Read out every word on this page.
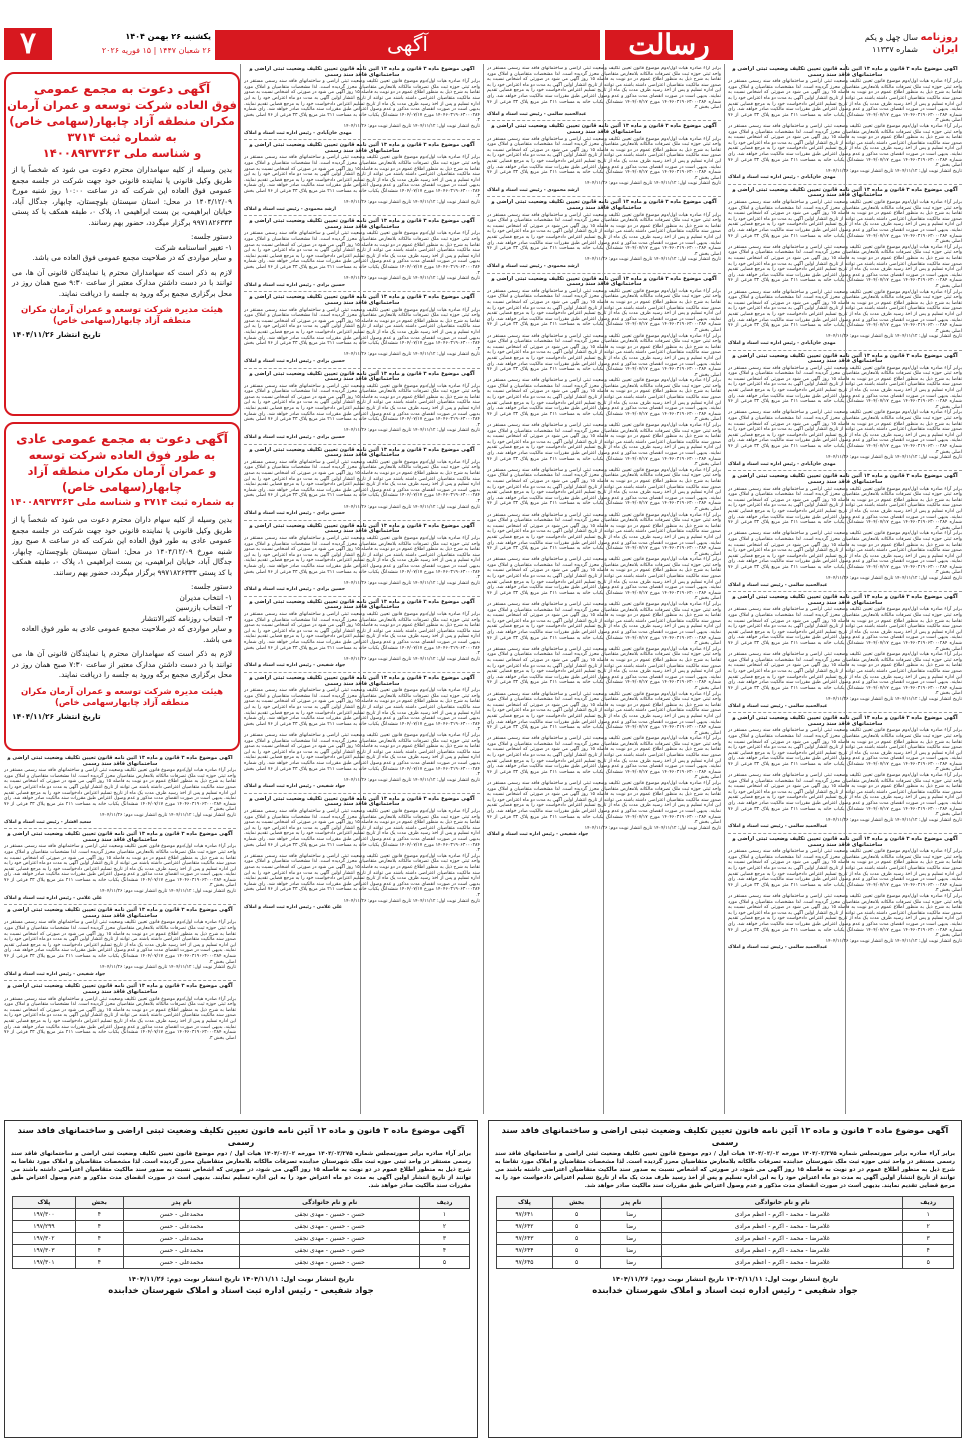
۷	یکشنبه ۲۶ بهمن ۱۴۰۴
۲۶ شعبان ۱۴۴۷ | ۱۵ فوریه ۲۰۲۶	آگهی	رسالت	روزنامه
ایران
سال چهل و یکم
شماره ۱۱۳۳۷
آگهی دعوت به مجمع عمومی
فوق العاده شرکت توسعه و عمران آرمان
مکران منطقه آزاد چابهار(سهامی خاص)
به شماره ثبت ۳۷۱۴
و شناسه ملی ۱۴۰۰۸۹۳۷۳۶۳
بدین وسیله از کلیه سهامداران محترم دعوت می شود که شخصاً یا از طریق وکیل قانونی یا نماینده قانونی خود جهت شرکت در جلسه مجمع عمومی فوق العاده این شرکت که در ساعت ۱۰:۰۰ روز شنبه مورخ ۱۴۰۴/۱۲/۰۹ در محل: استان سیستان بلوچستان، چابهار، جدگال آباد، خیابان ابراهیمی، بن بست ابراهیمی ۱، پلاک ۰، طبقه همکف با کد پستی ۹۹۷۱۸۲۶۳۳۳ برگزار میگردد، حضور بهم رسانند.
دستور جلسه:
۱- تغییر اساسنامه شرکت
و سایر مواردی که در صلاحیت مجمع عمومی فوق العاده می باشد.
لازم به ذکر است که سهامداران محترم یا نمایندگان قانونی آن ها، می توانند با در دست داشتن مدارک معتبر از ساعت ۹:۳۰ صبح همان روز در محل برگزاری مجمع برگه ورود به جلسه را دریافت نمایند.
هیئت مدیره شرکت توسعه و عمران آرمان مکران منطقه آزاد چابهار(سهامی خاص)
تاریخ انتشار ۱۴۰۴/۱۱/۲۶
آگهی دعوت به مجمع عمومی عادی
به طور فوق العاده شرکت توسعه
و عمران آرمان مکران منطقه آزاد
چابهار(سهامی خاص)
به شماره ثبت ۳۷۱۴ و شناسه ملی ۱۴۰۰۸۹۳۷۳۶۳
بدین وسیله از کلیه سهام داران محترم دعوت می شود که شخصاً یا از طریق وکیل قانونی یا نماینده قانونی خود جهت شرکت در جلسه مجمع عمومی عادی به طور فوق العاده این شرکت که در ساعت ۸ صبح روز شنبه مورخ ۱۴۰۴/۱۲/۰۹ در محل: استان سیستان بلوچستان، چابهار، جدگال آباد، خیابان ابراهیمی، بن بست ابراهیمی ۱، پلاک ۰، طبقه همکف با کد پستی ۹۹۷۱۸۲۶۳۳۳ برگزار میگردد، حضور بهم رسانند.
دستور جلسه:
۱- انتخاب مدیران
۲- انتخاب بازرسین
۳- انتخاب روزنامه کثیرالانتشار
و سایر مواردی که در صلاحیت مجمع عمومی عادی به طور فوق العاده می باشد.
لازم به ذکر است که سهامداران محترم یا نمایندگان قانونی آن ها، می توانند با در دست داشتن مدارک معتبر از ساعت ۷:۳۰ صبح همان روز در محل برگزاری مجمع برگه ورود به جلسه را دریافت نمایند.
هیئت مدیره شرکت توسعه و عمران آرمان مکران منطقه آزاد چابهارسهامی خاص)
تاریخ انتشار ۱۴۰۴/۱۱/۲۶
آگهی موضوع ماده ۳ قانون و ماده ۱۳ آئین نامه قانون تعیین تکلیف وضعیت ثبتی اراضی و ساختمانهای فاقد سند رسمی
برابر آراء صادره هیات اول/دوم موضوع قانون تعیین تکلیف وضعیت ثبتی اراضی و ساختمانهای فاقد سند رسمی مستقر در واحد ثبتی حوزه ثبت ملک تصرفات مالکانه بلامعارض متقاضیان محرز گردیده است. لذا مشخصات متقاضیان و املاک مورد تقاضا به شرح ذیل به منظور اطلاع عموم در دو نوبت به فاصله ۱۵ روز آگهی می شود در صورتی که اشخاص نسبت به صدور سند مالکیت متقاضیان اعتراضی داشته باشند می توانند از تاریخ انتشار اولین آگهی به مدت دو ماه اعتراض خود را به این اداره تسلیم و پس از اخذ رسید ظرف مدت یک ماه از تاریخ تسلیم اعتراض دادخواست خود را به مرجع قضایی تقدیم نمایند. بدیهی است در صورت انقضای مدت مذکور و عدم وصول اعتراض طبق مقررات سند مالکیت صادر خواهد شد. رای شماره ۱۴۰۴۶۰۳۱۹۰۶۳۰۰۰۲۸۴ مورخ ۱۴۰۴/۰۷/۱۷ ششدانگ یکباب خانه به مساحت ۲۱۱ متر مربع پلاک ۳۳ فرعی از ۷۶ اصلی بخش ۳.
تاریخ انتشار نوبت اول: ۱۴۰۴/۱۱/۱۲ تاریخ انتشار نوبت دوم: ۱۴۰۴/۱۱/۲۶
سعید افشار - رئیس ثبت اسناد و املاک
آگهی موضوع ماده ۳ قانون و ماده ۱۳ آئین نامه قانون تعیین تکلیف وضعیت ثبتی اراضی و ساختمانهای فاقد سند رسمی
برابر آراء صادره هیات اول/دوم موضوع قانون تعیین تکلیف وضعیت ثبتی اراضی و ساختمانهای فاقد سند رسمی مستقر در واحد ثبتی حوزه ثبت ملک تصرفات مالکانه بلامعارض متقاضیان محرز گردیده است. لذا مشخصات متقاضیان و املاک مورد تقاضا به شرح ذیل به منظور اطلاع عموم در دو نوبت به فاصله ۱۵ روز آگهی می شود در صورتی که اشخاص نسبت به صدور سند مالکیت متقاضیان اعتراضی داشته باشند می توانند از تاریخ انتشار اولین آگهی به مدت دو ماه اعتراض خود را به این اداره تسلیم و پس از اخذ رسید ظرف مدت یک ماه از تاریخ تسلیم اعتراض دادخواست خود را به مرجع قضایی تقدیم نمایند. بدیهی است در صورت انقضای مدت مذکور و عدم وصول اعتراض طبق مقررات سند مالکیت صادر خواهد شد. رای شماره ۱۴۰۴۶۰۳۱۹۰۶۳۰۰۰۲۸۴ مورخ ۱۴۰۴/۰۷/۱۷ ششدانگ یکباب خانه به مساحت ۲۱۱ متر مربع پلاک ۳۳ فرعی از ۷۶ اصلی بخش ۳.
تاریخ انتشار نوبت اول: ۱۴۰۴/۱۱/۱۲ تاریخ انتشار نوبت دوم: ۱۴۰۴/۱۱/۲۶
علی غلامی - رئیس اداره ثبت اسناد و املاک
آگهی موضوع ماده ۳ قانون و ماده ۱۳ آئین نامه قانون تعیین تکلیف وضعیت ثبتی اراضی و ساختمانهای فاقد سند رسمی
برابر آراء صادره هیات اول/دوم موضوع قانون تعیین تکلیف وضعیت ثبتی اراضی و ساختمانهای فاقد سند رسمی مستقر در واحد ثبتی حوزه ثبت ملک تصرفات مالکانه بلامعارض متقاضیان محرز گردیده است. لذا مشخصات متقاضیان و املاک مورد تقاضا به شرح ذیل به منظور اطلاع عموم در دو نوبت به فاصله ۱۵ روز آگهی می شود در صورتی که اشخاص نسبت به صدور سند مالکیت متقاضیان اعتراضی داشته باشند می توانند از تاریخ انتشار اولین آگهی به مدت دو ماه اعتراض خود را به این اداره تسلیم و پس از اخذ رسید ظرف مدت یک ماه از تاریخ تسلیم اعتراض دادخواست خود را به مرجع قضایی تقدیم نمایند. بدیهی است در صورت انقضای مدت مذکور و عدم وصول اعتراض طبق مقررات سند مالکیت صادر خواهد شد. رای شماره ۱۴۰۴۶۰۳۱۹۰۶۳۰۰۰۲۸۴ مورخ ۱۴۰۴/۰۷/۱۷ ششدانگ یکباب خانه به مساحت ۲۱۱ متر مربع پلاک ۳۳ فرعی از ۷۶ اصلی بخش ۳.
تاریخ انتشار نوبت اول: ۱۴۰۴/۱۱/۱۲ تاریخ انتشار نوبت دوم: ۱۴۰۴/۱۱/۲۶
جواد شفیعی - رئیس اداره ثبت اسناد و املاک
آگهی موضوع ماده ۳ قانون و ماده ۱۳ آئین نامه قانون تعیین تکلیف وضعیت ثبتی اراضی و ساختمانهای فاقد سند رسمی
برابر آراء صادره هیات اول/دوم موضوع قانون تعیین تکلیف وضعیت ثبتی اراضی و ساختمانهای فاقد سند رسمی مستقر در واحد ثبتی حوزه ثبت ملک تصرفات مالکانه بلامعارض متقاضیان محرز گردیده است. لذا مشخصات متقاضیان و املاک مورد تقاضا به شرح ذیل به منظور اطلاع عموم در دو نوبت به فاصله ۱۵ روز آگهی می شود در صورتی که اشخاص نسبت به صدور سند مالکیت متقاضیان اعتراضی داشته باشند می توانند از تاریخ انتشار اولین آگهی به مدت دو ماه اعتراض خود را به این اداره تسلیم و پس از اخذ رسید ظرف مدت یک ماه از تاریخ تسلیم اعتراض دادخواست خود را به مرجع قضایی تقدیم نمایند. بدیهی است در صورت انقضای مدت مذکور و عدم وصول اعتراض طبق مقررات سند مالکیت صادر خواهد شد. رای شماره ۱۴۰۴۶۰۳۱۹۰۶۳۰۰۰۲۸۴ مورخ ۱۴۰۴/۰۷/۱۷ ششدانگ یکباب خانه به مساحت ۲۱۱ متر مربع پلاک ۳۳ فرعی از ۷۶ اصلی بخش ۳.
آگهی موضوع ماده ۳ قانون و ماده ۱۳ آئین نامه قانون تعیین تکلیف وضعیت ثبتی اراضی و ساختمانهای فاقد سند رسمی
برابر آراء صادره هیات اول/دوم موضوع قانون تعیین تکلیف وضعیت ثبتی اراضی و ساختمانهای فاقد سند رسمی مستقر در واحد ثبتی حوزه ثبت ملک تصرفات مالکانه بلامعارض متقاضیان محرز گردیده است. لذا مشخصات متقاضیان و املاک مورد تقاضا به شرح ذیل به منظور اطلاع عموم در دو نوبت به فاصله ۱۵ روز آگهی می شود در صورتی که اشخاص نسبت به صدور سند مالکیت متقاضیان اعتراضی داشته باشند می توانند از تاریخ انتشار اولین آگهی به مدت دو ماه اعتراض خود را به این اداره تسلیم و پس از اخذ رسید ظرف مدت یک ماه از تاریخ تسلیم اعتراض دادخواست خود را به مرجع قضایی تقدیم نمایند. بدیهی است در صورت انقضای مدت مذکور و عدم وصول اعتراض طبق مقررات سند مالکیت صادر خواهد شد. رای شماره ۱۴۰۴۶۰۳۱۹۰۶۳۰۰۰۲۸۴ مورخ ۱۴۰۴/۰۷/۱۷ ششدانگ یکباب خانه به مساحت ۲۱۱ متر مربع پلاک ۳۳ فرعی از ۷۶ اصلی بخش ۳.
تاریخ انتشار نوبت اول: ۱۴۰۴/۱۱/۱۲ تاریخ انتشار نوبت دوم: ۱۴۰۴/۱۱/۲۶
مهدی خان‌آبادی - رئیس اداره ثبت اسناد و املاک
آگهی موضوع ماده ۳ قانون و ماده ۱۳ آئین نامه قانون تعیین تکلیف وضعیت ثبتی اراضی و ساختمانهای فاقد سند رسمی
برابر آراء صادره هیات اول/دوم موضوع قانون تعیین تکلیف وضعیت ثبتی اراضی و ساختمانهای فاقد سند رسمی مستقر در واحد ثبتی حوزه ثبت ملک تصرفات مالکانه بلامعارض متقاضیان محرز گردیده است. لذا مشخصات متقاضیان و املاک مورد تقاضا به شرح ذیل به منظور اطلاع عموم در دو نوبت به فاصله ۱۵ روز آگهی می شود در صورتی که اشخاص نسبت به صدور سند مالکیت متقاضیان اعتراضی داشته باشند می توانند از تاریخ انتشار اولین آگهی به مدت دو ماه اعتراض خود را به این اداره تسلیم و پس از اخذ رسید ظرف مدت یک ماه از تاریخ تسلیم اعتراض دادخواست خود را به مرجع قضایی تقدیم نمایند. بدیهی است در صورت انقضای مدت مذکور و عدم وصول اعتراض طبق مقررات سند مالکیت صادر خواهد شد. رای شماره ۱۴۰۴۶۰۳۱۹۰۶۳۰۰۰۲۸۴ مورخ ۱۴۰۴/۰۷/۱۷ ششدانگ یکباب خانه به مساحت ۲۱۱ متر مربع پلاک ۳۳ فرعی از ۷۶ اصلی بخش ۳.
تاریخ انتشار نوبت اول: ۱۴۰۴/۱۱/۱۲ تاریخ انتشار نوبت دوم: ۱۴۰۴/۱۱/۲۶
ارشد محمودی - رئیس ثبت اسناد و املاک
آگهی موضوع ماده ۳ قانون و ماده ۱۳ آئین نامه قانون تعیین تکلیف وضعیت ثبتی اراضی و ساختمانهای فاقد سند رسمی
برابر آراء صادره هیات اول/دوم موضوع قانون تعیین تکلیف وضعیت ثبتی اراضی و ساختمانهای فاقد سند رسمی مستقر در واحد ثبتی حوزه ثبت ملک تصرفات مالکانه بلامعارض متقاضیان محرز گردیده است. لذا مشخصات متقاضیان و املاک مورد تقاضا به شرح ذیل به منظور اطلاع عموم در دو نوبت به فاصله ۱۵ روز آگهی می شود در صورتی که اشخاص نسبت به صدور سند مالکیت متقاضیان اعتراضی داشته باشند می توانند از تاریخ انتشار اولین آگهی به مدت دو ماه اعتراض خود را به این اداره تسلیم و پس از اخذ رسید ظرف مدت یک ماه از تاریخ تسلیم اعتراض دادخواست خود را به مرجع قضایی تقدیم نمایند. بدیهی است در صورت انقضای مدت مذکور و عدم وصول اعتراض طبق مقررات سند مالکیت صادر خواهد شد. رای شماره ۱۴۰۴۶۰۳۱۹۰۶۳۰۰۰۲۸۴ مورخ ۱۴۰۴/۰۷/۱۷ ششدانگ یکباب خانه به مساحت ۲۱۱ متر مربع پلاک ۳۳ فرعی از ۷۶ اصلی بخش ۳.
تاریخ انتشار نوبت اول: ۱۴۰۴/۱۱/۱۲ تاریخ انتشار نوبت دوم: ۱۴۰۴/۱۱/۲۶
حسین برادی - رئیس اداره ثبت اسناد و املاک
آگهی موضوع ماده ۳ قانون و ماده ۱۳ آئین نامه قانون تعیین تکلیف وضعیت ثبتی اراضی و ساختمانهای فاقد سند رسمی
برابر آراء صادره هیات اول/دوم موضوع قانون تعیین تکلیف وضعیت ثبتی اراضی و ساختمانهای فاقد سند رسمی مستقر در واحد ثبتی حوزه ثبت ملک تصرفات مالکانه بلامعارض متقاضیان محرز گردیده است. لذا مشخصات متقاضیان و املاک مورد تقاضا به شرح ذیل به منظور اطلاع عموم در دو نوبت به فاصله ۱۵ روز آگهی می شود در صورتی که اشخاص نسبت به صدور سند مالکیت متقاضیان اعتراضی داشته باشند می توانند از تاریخ انتشار اولین آگهی به مدت دو ماه اعتراض خود را به این اداره تسلیم و پس از اخذ رسید ظرف مدت یک ماه از تاریخ تسلیم اعتراض دادخواست خود را به مرجع قضایی تقدیم نمایند. بدیهی است در صورت انقضای مدت مذکور و عدم وصول اعتراض طبق مقررات سند مالکیت صادر خواهد شد. رای شماره ۱۴۰۴۶۰۳۱۹۰۶۳۰۰۰۲۸۴ مورخ ۱۴۰۴/۰۷/۱۷ ششدانگ یکباب خانه به مساحت ۲۱۱ متر مربع پلاک ۳۳ فرعی از ۷۶ اصلی بخش ۳.
تاریخ انتشار نوبت اول: ۱۴۰۴/۱۱/۱۲ تاریخ انتشار نوبت دوم: ۱۴۰۴/۱۱/۲۶
حسین برادی - رئیس اداره ثبت اسناد و املاک
آگهی موضوع ماده ۳ قانون و ماده ۱۳ آئین نامه قانون تعیین تکلیف وضعیت ثبتی اراضی و ساختمانهای فاقد سند رسمی
برابر آراء صادره هیات اول/دوم موضوع قانون تعیین تکلیف وضعیت ثبتی اراضی و ساختمانهای فاقد سند رسمی مستقر در واحد ثبتی حوزه ثبت ملک تصرفات مالکانه بلامعارض متقاضیان محرز گردیده است. لذا مشخصات متقاضیان و املاک مورد تقاضا به شرح ذیل به منظور اطلاع عموم در دو نوبت به فاصله ۱۵ روز آگهی می شود در صورتی که اشخاص نسبت به صدور سند مالکیت متقاضیان اعتراضی داشته باشند می توانند از تاریخ انتشار اولین آگهی به مدت دو ماه اعتراض خود را به این اداره تسلیم و پس از اخذ رسید ظرف مدت یک ماه از تاریخ تسلیم اعتراض دادخواست خود را به مرجع قضایی تقدیم نمایند. بدیهی است در صورت انقضای مدت مذکور و عدم وصول اعتراض طبق مقررات سند مالکیت صادر خواهد شد. رای شماره ۱۴۰۴۶۰۳۱۹۰۶۳۰۰۰۲۸۴ مورخ ۱۴۰۴/۰۷/۱۷ ششدانگ یکباب خانه به مساحت ۲۱۱ متر مربع پلاک ۳۳ فرعی از ۷۶ اصلی بخش ۳.
تاریخ انتشار نوبت اول: ۱۴۰۴/۱۱/۱۲ تاریخ انتشار نوبت دوم: ۱۴۰۴/۱۱/۲۶
حسین برادی - رئیس اداره ثبت اسناد و املاک
آگهی موضوع ماده ۳ قانون و ماده ۱۳ آئین نامه قانون تعیین تکلیف وضعیت ثبتی اراضی و ساختمانهای فاقد سند رسمی
برابر آراء صادره هیات اول/دوم موضوع قانون تعیین تکلیف وضعیت ثبتی اراضی و ساختمانهای فاقد سند رسمی مستقر در واحد ثبتی حوزه ثبت ملک تصرفات مالکانه بلامعارض متقاضیان محرز گردیده است. لذا مشخصات متقاضیان و املاک مورد تقاضا به شرح ذیل به منظور اطلاع عموم در دو نوبت به فاصله ۱۵ روز آگهی می شود در صورتی که اشخاص نسبت به صدور سند مالکیت متقاضیان اعتراضی داشته باشند می توانند از تاریخ انتشار اولین آگهی به مدت دو ماه اعتراض خود را به این اداره تسلیم و پس از اخذ رسید ظرف مدت یک ماه از تاریخ تسلیم اعتراض دادخواست خود را به مرجع قضایی تقدیم نمایند. بدیهی است در صورت انقضای مدت مذکور و عدم وصول اعتراض طبق مقررات سند مالکیت صادر خواهد شد. رای شماره ۱۴۰۴۶۰۳۱۹۰۶۳۰۰۰۲۸۴ مورخ ۱۴۰۴/۰۷/۱۷ ششدانگ یکباب خانه به مساحت ۲۱۱ متر مربع پلاک ۳۳ فرعی از ۷۶ اصلی بخش ۳.
تاریخ انتشار نوبت اول: ۱۴۰۴/۱۱/۱۲ تاریخ انتشار نوبت دوم: ۱۴۰۴/۱۱/۲۶
حسین برادی - رئیس اداره ثبت اسناد و املاک
آگهی موضوع ماده ۳ قانون و ماده ۱۳ آئین نامه قانون تعیین تکلیف وضعیت ثبتی اراضی و ساختمانهای فاقد سند رسمی
برابر آراء صادره هیات اول/دوم موضوع قانون تعیین تکلیف وضعیت ثبتی اراضی و ساختمانهای فاقد سند رسمی مستقر در واحد ثبتی حوزه ثبت ملک تصرفات مالکانه بلامعارض متقاضیان محرز گردیده است. لذا مشخصات متقاضیان و املاک مورد تقاضا به شرح ذیل به منظور اطلاع عموم در دو نوبت به فاصله ۱۵ روز آگهی می شود در صورتی که اشخاص نسبت به صدور سند مالکیت متقاضیان اعتراضی داشته باشند می توانند از تاریخ انتشار اولین آگهی به مدت دو ماه اعتراض خود را به این اداره تسلیم و پس از اخذ رسید ظرف مدت یک ماه از تاریخ تسلیم اعتراض دادخواست خود را به مرجع قضایی تقدیم نمایند. بدیهی است در صورت انقضای مدت مذکور و عدم وصول اعتراض طبق مقررات سند مالکیت صادر خواهد شد. رای شماره ۱۴۰۴۶۰۳۱۹۰۶۳۰۰۰۲۸۴ مورخ ۱۴۰۴/۰۷/۱۷ ششدانگ یکباب خانه به مساحت ۲۱۱ متر مربع پلاک ۳۳ فرعی از ۷۶ اصلی بخش ۳.
تاریخ انتشار نوبت اول: ۱۴۰۴/۱۱/۱۲ تاریخ انتشار نوبت دوم: ۱۴۰۴/۱۱/۲۶
حسین برادی - رئیس اداره ثبت اسناد و املاک
آگهی موضوع ماده ۳ قانون و ماده ۱۳ آئین نامه قانون تعیین تکلیف وضعیت ثبتی اراضی و ساختمانهای فاقد سند رسمی
برابر آراء صادره هیات اول/دوم موضوع قانون تعیین تکلیف وضعیت ثبتی اراضی و ساختمانهای فاقد سند رسمی مستقر در واحد ثبتی حوزه ثبت ملک تصرفات مالکانه بلامعارض متقاضیان محرز گردیده است. لذا مشخصات متقاضیان و املاک مورد تقاضا به شرح ذیل به منظور اطلاع عموم در دو نوبت به فاصله ۱۵ روز آگهی می شود در صورتی که اشخاص نسبت به صدور سند مالکیت متقاضیان اعتراضی داشته باشند می توانند از تاریخ انتشار اولین آگهی به مدت دو ماه اعتراض خود را به این اداره تسلیم و پس از اخذ رسید ظرف مدت یک ماه از تاریخ تسلیم اعتراض دادخواست خود را به مرجع قضایی تقدیم نمایند. بدیهی است در صورت انقضای مدت مذکور و عدم وصول اعتراض طبق مقررات سند مالکیت صادر خواهد شد. رای شماره ۱۴۰۴۶۰۳۱۹۰۶۳۰۰۰۲۸۴ مورخ ۱۴۰۴/۰۷/۱۷ ششدانگ یکباب خانه به مساحت ۲۱۱ متر مربع پلاک ۳۳ فرعی از ۷۶ اصلی بخش ۳.
تاریخ انتشار نوبت اول: ۱۴۰۴/۱۱/۱۲ تاریخ انتشار نوبت دوم: ۱۴۰۴/۱۱/۲۶
جواد شفیعی - رئیس اداره ثبت اسناد و املاک
آگهی موضوع ماده ۳ قانون و ماده ۱۳ آئین نامه قانون تعیین تکلیف وضعیت ثبتی اراضی و ساختمانهای فاقد سند رسمی
برابر آراء صادره هیات اول/دوم موضوع قانون تعیین تکلیف وضعیت ثبتی اراضی و ساختمانهای فاقد سند رسمی مستقر در واحد ثبتی حوزه ثبت ملک تصرفات مالکانه بلامعارض متقاضیان محرز گردیده است. لذا مشخصات متقاضیان و املاک مورد تقاضا به شرح ذیل به منظور اطلاع عموم در دو نوبت به فاصله ۱۵ روز آگهی می شود در صورتی که اشخاص نسبت به صدور سند مالکیت متقاضیان اعتراضی داشته باشند می توانند از تاریخ انتشار اولین آگهی به مدت دو ماه اعتراض خود را به این اداره تسلیم و پس از اخذ رسید ظرف مدت یک ماه از تاریخ تسلیم اعتراض دادخواست خود را به مرجع قضایی تقدیم نمایند. بدیهی است در صورت انقضای مدت مذکور و عدم وصول اعتراض طبق مقررات سند مالکیت صادر خواهد شد. رای شماره ۱۴۰۴۶۰۳۱۹۰۶۳۰۰۰۲۸۴ مورخ ۱۴۰۴/۰۷/۱۷ ششدانگ یکباب خانه به مساحت ۲۱۱ متر مربع پلاک ۳۳ فرعی از ۷۶ اصلی بخش ۳.
برابر آراء صادره هیات اول/دوم موضوع قانون تعیین تکلیف وضعیت ثبتی اراضی و ساختمانهای فاقد سند رسمی مستقر در واحد ثبتی حوزه ثبت ملک تصرفات مالکانه بلامعارض متقاضیان محرز گردیده است. لذا مشخصات متقاضیان و املاک مورد تقاضا به شرح ذیل به منظور اطلاع عموم در دو نوبت به فاصله ۱۵ روز آگهی می شود در صورتی که اشخاص نسبت به صدور سند مالکیت متقاضیان اعتراضی داشته باشند می توانند از تاریخ انتشار اولین آگهی به مدت دو ماه اعتراض خود را به این اداره تسلیم و پس از اخذ رسید ظرف مدت یک ماه از تاریخ تسلیم اعتراض دادخواست خود را به مرجع قضایی تقدیم نمایند. بدیهی است در صورت انقضای مدت مذکور و عدم وصول اعتراض طبق مقررات سند مالکیت صادر خواهد شد. رای شماره ۱۴۰۴۶۰۳۱۹۰۶۳۰۰۰۲۸۴ مورخ ۱۴۰۴/۰۷/۱۷ ششدانگ یکباب خانه به مساحت ۲۱۱ متر مربع پلاک ۳۳ فرعی از ۷۶ اصلی بخش ۳.
تاریخ انتشار نوبت اول: ۱۴۰۴/۱۱/۱۲ تاریخ انتشار نوبت دوم: ۱۴۰۴/۱۱/۲۶
جواد شفیعی - رئیس اداره ثبت اسناد و املاک
آگهی موضوع ماده ۳ قانون و ماده ۱۳ آئین نامه قانون تعیین تکلیف وضعیت ثبتی اراضی و ساختمانهای فاقد سند رسمی
برابر آراء صادره هیات اول/دوم موضوع قانون تعیین تکلیف وضعیت ثبتی اراضی و ساختمانهای فاقد سند رسمی مستقر در واحد ثبتی حوزه ثبت ملک تصرفات مالکانه بلامعارض متقاضیان محرز گردیده است. لذا مشخصات متقاضیان و املاک مورد تقاضا به شرح ذیل به منظور اطلاع عموم در دو نوبت به فاصله ۱۵ روز آگهی می شود در صورتی که اشخاص نسبت به صدور سند مالکیت متقاضیان اعتراضی داشته باشند می توانند از تاریخ انتشار اولین آگهی به مدت دو ماه اعتراض خود را به این اداره تسلیم و پس از اخذ رسید ظرف مدت یک ماه از تاریخ تسلیم اعتراض دادخواست خود را به مرجع قضایی تقدیم نمایند. بدیهی است در صورت انقضای مدت مذکور و عدم وصول اعتراض طبق مقررات سند مالکیت صادر خواهد شد. رای شماره ۱۴۰۴۶۰۳۱۹۰۶۳۰۰۰۲۸۴ مورخ ۱۴۰۴/۰۷/۱۷ ششدانگ یکباب خانه به مساحت ۲۱۱ متر مربع پلاک ۳۳ فرعی از ۷۶ اصلی بخش ۳.
برابر آراء صادره هیات اول/دوم موضوع قانون تعیین تکلیف وضعیت ثبتی اراضی و ساختمانهای فاقد سند رسمی مستقر در واحد ثبتی حوزه ثبت ملک تصرفات مالکانه بلامعارض متقاضیان محرز گردیده است. لذا مشخصات متقاضیان و املاک مورد تقاضا به شرح ذیل به منظور اطلاع عموم در دو نوبت به فاصله ۱۵ روز آگهی می شود در صورتی که اشخاص نسبت به صدور سند مالکیت متقاضیان اعتراضی داشته باشند می توانند از تاریخ انتشار اولین آگهی به مدت دو ماه اعتراض خود را به این اداره تسلیم و پس از اخذ رسید ظرف مدت یک ماه از تاریخ تسلیم اعتراض دادخواست خود را به مرجع قضایی تقدیم نمایند. بدیهی است در صورت انقضای مدت مذکور و عدم وصول اعتراض طبق مقررات سند مالکیت صادر خواهد شد. رای شماره ۱۴۰۴۶۰۳۱۹۰۶۳۰۰۰۲۸۴ مورخ ۱۴۰۴/۰۷/۱۷ ششدانگ یکباب خانه به مساحت ۲۱۱ متر مربع پلاک ۳۳ فرعی از ۷۶ اصلی بخش ۳.
تاریخ انتشار نوبت اول: ۱۴۰۴/۱۱/۱۲ تاریخ انتشار نوبت دوم: ۱۴۰۴/۱۱/۲۶
علی غلامی - رئیس اداره ثبت اسناد و املاک
برابر آراء صادره هیات اول/دوم موضوع قانون تعیین تکلیف وضعیت ثبتی اراضی و ساختمانهای فاقد سند رسمی مستقر در واحد ثبتی حوزه ثبت ملک تصرفات مالکانه بلامعارض متقاضیان محرز گردیده است. لذا مشخصات متقاضیان و املاک مورد تقاضا به شرح ذیل به منظور اطلاع عموم در دو نوبت به فاصله ۱۵ روز آگهی می شود در صورتی که اشخاص نسبت به صدور سند مالکیت متقاضیان اعتراضی داشته باشند می توانند از تاریخ انتشار اولین آگهی به مدت دو ماه اعتراض خود را به این اداره تسلیم و پس از اخذ رسید ظرف مدت یک ماه از تاریخ تسلیم اعتراض دادخواست خود را به مرجع قضایی تقدیم نمایند. بدیهی است در صورت انقضای مدت مذکور و عدم وصول اعتراض طبق مقررات سند مالکیت صادر خواهد شد. رای شماره ۱۴۰۴۶۰۳۱۹۰۶۳۰۰۰۲۸۴ مورخ ۱۴۰۴/۰۷/۱۷ ششدانگ یکباب خانه به مساحت ۲۱۱ متر مربع پلاک ۳۳ فرعی از ۷۶ اصلی بخش ۳.
عبدالحمید سالمی - رئیس ثبت اسناد و املاک
آگهی موضوع ماده ۳ قانون و ماده ۱۳ آئین نامه قانون تعیین تکلیف وضعیت ثبتی اراضی و ساختمانهای فاقد سند رسمی
برابر آراء صادره هیات اول/دوم موضوع قانون تعیین تکلیف وضعیت ثبتی اراضی و ساختمانهای فاقد سند رسمی مستقر در واحد ثبتی حوزه ثبت ملک تصرفات مالکانه بلامعارض متقاضیان محرز گردیده است. لذا مشخصات متقاضیان و املاک مورد تقاضا به شرح ذیل به منظور اطلاع عموم در دو نوبت به فاصله ۱۵ روز آگهی می شود در صورتی که اشخاص نسبت به صدور سند مالکیت متقاضیان اعتراضی داشته باشند می توانند از تاریخ انتشار اولین آگهی به مدت دو ماه اعتراض خود را به این اداره تسلیم و پس از اخذ رسید ظرف مدت یک ماه از تاریخ تسلیم اعتراض دادخواست خود را به مرجع قضایی تقدیم نمایند. بدیهی است در صورت انقضای مدت مذکور و عدم وصول اعتراض طبق مقررات سند مالکیت صادر خواهد شد. رای شماره ۱۴۰۴۶۰۳۱۹۰۶۳۰۰۰۲۸۴ مورخ ۱۴۰۴/۰۷/۱۷ ششدانگ یکباب خانه به مساحت ۲۱۱ متر مربع پلاک ۳۳ فرعی از ۷۶ اصلی بخش ۳.
تاریخ انتشار نوبت اول: ۱۴۰۴/۱۱/۱۲ تاریخ انتشار نوبت دوم: ۱۴۰۴/۱۱/۲۶
ارشد محمودی - رئیس ثبت اسناد و املاک
آگهی موضوع ماده ۳ قانون و ماده ۱۳ آئین نامه قانون تعیین تکلیف وضعیت ثبتی اراضی و ساختمانهای فاقد سند رسمی
برابر آراء صادره هیات اول/دوم موضوع قانون تعیین تکلیف وضعیت ثبتی اراضی و ساختمانهای فاقد سند رسمی مستقر در واحد ثبتی حوزه ثبت ملک تصرفات مالکانه بلامعارض متقاضیان محرز گردیده است. لذا مشخصات متقاضیان و املاک مورد تقاضا به شرح ذیل به منظور اطلاع عموم در دو نوبت به فاصله ۱۵ روز آگهی می شود در صورتی که اشخاص نسبت به صدور سند مالکیت متقاضیان اعتراضی داشته باشند می توانند از تاریخ انتشار اولین آگهی به مدت دو ماه اعتراض خود را به این اداره تسلیم و پس از اخذ رسید ظرف مدت یک ماه از تاریخ تسلیم اعتراض دادخواست خود را به مرجع قضایی تقدیم نمایند. بدیهی است در صورت انقضای مدت مذکور و عدم وصول اعتراض طبق مقررات سند مالکیت صادر خواهد شد. رای شماره ۱۴۰۴۶۰۳۱۹۰۶۳۰۰۰۲۸۴ مورخ ۱۴۰۴/۰۷/۱۷ ششدانگ یکباب خانه به مساحت ۲۱۱ متر مربع پلاک ۳۳ فرعی از ۷۶ اصلی بخش ۳.
تاریخ انتشار نوبت اول: ۱۴۰۴/۱۱/۱۲ تاریخ انتشار نوبت دوم: ۱۴۰۴/۱۱/۲۶
ارشد محمودی - رئیس ثبت اسناد و املاک
آگهی موضوع ماده ۳ قانون و ماده ۱۳ آئین نامه قانون تعیین تکلیف وضعیت ثبتی اراضی و ساختمانهای فاقد سند رسمی
برابر آراء صادره هیات اول/دوم موضوع قانون تعیین تکلیف وضعیت ثبتی اراضی و ساختمانهای فاقد سند رسمی مستقر در واحد ثبتی حوزه ثبت ملک تصرفات مالکانه بلامعارض متقاضیان محرز گردیده است. لذا مشخصات متقاضیان و املاک مورد تقاضا به شرح ذیل به منظور اطلاع عموم در دو نوبت به فاصله ۱۵ روز آگهی می شود در صورتی که اشخاص نسبت به صدور سند مالکیت متقاضیان اعتراضی داشته باشند می توانند از تاریخ انتشار اولین آگهی به مدت دو ماه اعتراض خود را به این اداره تسلیم و پس از اخذ رسید ظرف مدت یک ماه از تاریخ تسلیم اعتراض دادخواست خود را به مرجع قضایی تقدیم نمایند. بدیهی است در صورت انقضای مدت مذکور و عدم وصول اعتراض طبق مقررات سند مالکیت صادر خواهد شد. رای شماره ۱۴۰۴۶۰۳۱۹۰۶۳۰۰۰۲۸۴ مورخ ۱۴۰۴/۰۷/۱۷ ششدانگ یکباب خانه به مساحت ۲۱۱ متر مربع پلاک ۳۳ فرعی از ۷۶ اصلی بخش ۳.
برابر آراء صادره هیات اول/دوم موضوع قانون تعیین تکلیف وضعیت ثبتی اراضی و ساختمانهای فاقد سند رسمی مستقر در واحد ثبتی حوزه ثبت ملک تصرفات مالکانه بلامعارض متقاضیان محرز گردیده است. لذا مشخصات متقاضیان و املاک مورد تقاضا به شرح ذیل به منظور اطلاع عموم در دو نوبت به فاصله ۱۵ روز آگهی می شود در صورتی که اشخاص نسبت به صدور سند مالکیت متقاضیان اعتراضی داشته باشند می توانند از تاریخ انتشار اولین آگهی به مدت دو ماه اعتراض خود را به این اداره تسلیم و پس از اخذ رسید ظرف مدت یک ماه از تاریخ تسلیم اعتراض دادخواست خود را به مرجع قضایی تقدیم نمایند. بدیهی است در صورت انقضای مدت مذکور و عدم وصول اعتراض طبق مقررات سند مالکیت صادر خواهد شد. رای شماره ۱۴۰۴۶۰۳۱۹۰۶۳۰۰۰۲۸۴ مورخ ۱۴۰۴/۰۷/۱۷ ششدانگ یکباب خانه به مساحت ۲۱۱ متر مربع پلاک ۳۳ فرعی از ۷۶ اصلی بخش ۳.
برابر آراء صادره هیات اول/دوم موضوع قانون تعیین تکلیف وضعیت ثبتی اراضی و ساختمانهای فاقد سند رسمی مستقر در واحد ثبتی حوزه ثبت ملک تصرفات مالکانه بلامعارض متقاضیان محرز گردیده است. لذا مشخصات متقاضیان و املاک مورد تقاضا به شرح ذیل به منظور اطلاع عموم در دو نوبت به فاصله ۱۵ روز آگهی می شود در صورتی که اشخاص نسبت به صدور سند مالکیت متقاضیان اعتراضی داشته باشند می توانند از تاریخ انتشار اولین آگهی به مدت دو ماه اعتراض خود را به این اداره تسلیم و پس از اخذ رسید ظرف مدت یک ماه از تاریخ تسلیم اعتراض دادخواست خود را به مرجع قضایی تقدیم نمایند. بدیهی است در صورت انقضای مدت مذکور و عدم وصول اعتراض طبق مقررات سند مالکیت صادر خواهد شد. رای شماره ۱۴۰۴۶۰۳۱۹۰۶۳۰۰۰۲۸۴ مورخ ۱۴۰۴/۰۷/۱۷ ششدانگ یکباب خانه به مساحت ۲۱۱ متر مربع پلاک ۳۳ فرعی از ۷۶ اصلی بخش ۳.
برابر آراء صادره هیات اول/دوم موضوع قانون تعیین تکلیف وضعیت ثبتی اراضی و ساختمانهای فاقد سند رسمی مستقر در واحد ثبتی حوزه ثبت ملک تصرفات مالکانه بلامعارض متقاضیان محرز گردیده است. لذا مشخصات متقاضیان و املاک مورد تقاضا به شرح ذیل به منظور اطلاع عموم در دو نوبت به فاصله ۱۵ روز آگهی می شود در صورتی که اشخاص نسبت به صدور سند مالکیت متقاضیان اعتراضی داشته باشند می توانند از تاریخ انتشار اولین آگهی به مدت دو ماه اعتراض خود را به این اداره تسلیم و پس از اخذ رسید ظرف مدت یک ماه از تاریخ تسلیم اعتراض دادخواست خود را به مرجع قضایی تقدیم نمایند. بدیهی است در صورت انقضای مدت مذکور و عدم وصول اعتراض طبق مقررات سند مالکیت صادر خواهد شد. رای شماره ۱۴۰۴۶۰۳۱۹۰۶۳۰۰۰۲۸۴ مورخ ۱۴۰۴/۰۷/۱۷ ششدانگ یکباب خانه به مساحت ۲۱۱ متر مربع پلاک ۳۳ فرعی از ۷۶ اصلی بخش ۳.
برابر آراء صادره هیات اول/دوم موضوع قانون تعیین تکلیف وضعیت ثبتی اراضی و ساختمانهای فاقد سند رسمی مستقر در واحد ثبتی حوزه ثبت ملک تصرفات مالکانه بلامعارض متقاضیان محرز گردیده است. لذا مشخصات متقاضیان و املاک مورد تقاضا به شرح ذیل به منظور اطلاع عموم در دو نوبت به فاصله ۱۵ روز آگهی می شود در صورتی که اشخاص نسبت به صدور سند مالکیت متقاضیان اعتراضی داشته باشند می توانند از تاریخ انتشار اولین آگهی به مدت دو ماه اعتراض خود را به این اداره تسلیم و پس از اخذ رسید ظرف مدت یک ماه از تاریخ تسلیم اعتراض دادخواست خود را به مرجع قضایی تقدیم نمایند. بدیهی است در صورت انقضای مدت مذکور و عدم وصول اعتراض طبق مقررات سند مالکیت صادر خواهد شد. رای شماره ۱۴۰۴۶۰۳۱۹۰۶۳۰۰۰۲۸۴ مورخ ۱۴۰۴/۰۷/۱۷ ششدانگ یکباب خانه به مساحت ۲۱۱ متر مربع پلاک ۳۳ فرعی از ۷۶ اصلی بخش ۳.
برابر آراء صادره هیات اول/دوم موضوع قانون تعیین تکلیف وضعیت ثبتی اراضی و ساختمانهای فاقد سند رسمی مستقر در واحد ثبتی حوزه ثبت ملک تصرفات مالکانه بلامعارض متقاضیان محرز گردیده است. لذا مشخصات متقاضیان و املاک مورد تقاضا به شرح ذیل به منظور اطلاع عموم در دو نوبت به فاصله ۱۵ روز آگهی می شود در صورتی که اشخاص نسبت به صدور سند مالکیت متقاضیان اعتراضی داشته باشند می توانند از تاریخ انتشار اولین آگهی به مدت دو ماه اعتراض خود را به این اداره تسلیم و پس از اخذ رسید ظرف مدت یک ماه از تاریخ تسلیم اعتراض دادخواست خود را به مرجع قضایی تقدیم نمایند. بدیهی است در صورت انقضای مدت مذکور و عدم وصول اعتراض طبق مقررات سند مالکیت صادر خواهد شد. رای شماره ۱۴۰۴۶۰۳۱۹۰۶۳۰۰۰۲۸۴ مورخ ۱۴۰۴/۰۷/۱۷ ششدانگ یکباب خانه به مساحت ۲۱۱ متر مربع پلاک ۳۳ فرعی از ۷۶ اصلی بخش ۳.
برابر آراء صادره هیات اول/دوم موضوع قانون تعیین تکلیف وضعیت ثبتی اراضی و ساختمانهای فاقد سند رسمی مستقر در واحد ثبتی حوزه ثبت ملک تصرفات مالکانه بلامعارض متقاضیان محرز گردیده است. لذا مشخصات متقاضیان و املاک مورد تقاضا به شرح ذیل به منظور اطلاع عموم در دو نوبت به فاصله ۱۵ روز آگهی می شود در صورتی که اشخاص نسبت به صدور سند مالکیت متقاضیان اعتراضی داشته باشند می توانند از تاریخ انتشار اولین آگهی به مدت دو ماه اعتراض خود را به این اداره تسلیم و پس از اخذ رسید ظرف مدت یک ماه از تاریخ تسلیم اعتراض دادخواست خود را به مرجع قضایی تقدیم نمایند. بدیهی است در صورت انقضای مدت مذکور و عدم وصول اعتراض طبق مقررات سند مالکیت صادر خواهد شد. رای شماره ۱۴۰۴۶۰۳۱۹۰۶۳۰۰۰۲۸۴ مورخ ۱۴۰۴/۰۷/۱۷ ششدانگ یکباب خانه به مساحت ۲۱۱ متر مربع پلاک ۳۳ فرعی از ۷۶ اصلی بخش ۳.
برابر آراء صادره هیات اول/دوم موضوع قانون تعیین تکلیف وضعیت ثبتی اراضی و ساختمانهای فاقد سند رسمی مستقر در واحد ثبتی حوزه ثبت ملک تصرفات مالکانه بلامعارض متقاضیان محرز گردیده است. لذا مشخصات متقاضیان و املاک مورد تقاضا به شرح ذیل به منظور اطلاع عموم در دو نوبت به فاصله ۱۵ روز آگهی می شود در صورتی که اشخاص نسبت به صدور سند مالکیت متقاضیان اعتراضی داشته باشند می توانند از تاریخ انتشار اولین آگهی به مدت دو ماه اعتراض خود را به این اداره تسلیم و پس از اخذ رسید ظرف مدت یک ماه از تاریخ تسلیم اعتراض دادخواست خود را به مرجع قضایی تقدیم نمایند. بدیهی است در صورت انقضای مدت مذکور و عدم وصول اعتراض طبق مقررات سند مالکیت صادر خواهد شد. رای شماره ۱۴۰۴۶۰۳۱۹۰۶۳۰۰۰۲۸۴ مورخ ۱۴۰۴/۰۷/۱۷ ششدانگ یکباب خانه به مساحت ۲۱۱ متر مربع پلاک ۳۳ فرعی از ۷۶ اصلی بخش ۳.
برابر آراء صادره هیات اول/دوم موضوع قانون تعیین تکلیف وضعیت ثبتی اراضی و ساختمانهای فاقد سند رسمی مستقر در واحد ثبتی حوزه ثبت ملک تصرفات مالکانه بلامعارض متقاضیان محرز گردیده است. لذا مشخصات متقاضیان و املاک مورد تقاضا به شرح ذیل به منظور اطلاع عموم در دو نوبت به فاصله ۱۵ روز آگهی می شود در صورتی که اشخاص نسبت به صدور سند مالکیت متقاضیان اعتراضی داشته باشند می توانند از تاریخ انتشار اولین آگهی به مدت دو ماه اعتراض خود را به این اداره تسلیم و پس از اخذ رسید ظرف مدت یک ماه از تاریخ تسلیم اعتراض دادخواست خود را به مرجع قضایی تقدیم نمایند. بدیهی است در صورت انقضای مدت مذکور و عدم وصول اعتراض طبق مقررات سند مالکیت صادر خواهد شد. رای شماره ۱۴۰۴۶۰۳۱۹۰۶۳۰۰۰۲۸۴ مورخ ۱۴۰۴/۰۷/۱۷ ششدانگ یکباب خانه به مساحت ۲۱۱ متر مربع پلاک ۳۳ فرعی از ۷۶ اصلی بخش ۳.
برابر آراء صادره هیات اول/دوم موضوع قانون تعیین تکلیف وضعیت ثبتی اراضی و ساختمانهای فاقد سند رسمی مستقر در واحد ثبتی حوزه ثبت ملک تصرفات مالکانه بلامعارض متقاضیان محرز گردیده است. لذا مشخصات متقاضیان و املاک مورد تقاضا به شرح ذیل به منظور اطلاع عموم در دو نوبت به فاصله ۱۵ روز آگهی می شود در صورتی که اشخاص نسبت به صدور سند مالکیت متقاضیان اعتراضی داشته باشند می توانند از تاریخ انتشار اولین آگهی به مدت دو ماه اعتراض خود را به این اداره تسلیم و پس از اخذ رسید ظرف مدت یک ماه از تاریخ تسلیم اعتراض دادخواست خود را به مرجع قضایی تقدیم نمایند. بدیهی است در صورت انقضای مدت مذکور و عدم وصول اعتراض طبق مقررات سند مالکیت صادر خواهد شد. رای شماره ۱۴۰۴۶۰۳۱۹۰۶۳۰۰۰۲۸۴ مورخ ۱۴۰۴/۰۷/۱۷ ششدانگ یکباب خانه به مساحت ۲۱۱ متر مربع پلاک ۳۳ فرعی از ۷۶ اصلی بخش ۳.
برابر آراء صادره هیات اول/دوم موضوع قانون تعیین تکلیف وضعیت ثبتی اراضی و ساختمانهای فاقد سند رسمی مستقر در واحد ثبتی حوزه ثبت ملک تصرفات مالکانه بلامعارض متقاضیان محرز گردیده است. لذا مشخصات متقاضیان و املاک مورد تقاضا به شرح ذیل به منظور اطلاع عموم در دو نوبت به فاصله ۱۵ روز آگهی می شود در صورتی که اشخاص نسبت به صدور سند مالکیت متقاضیان اعتراضی داشته باشند می توانند از تاریخ انتشار اولین آگهی به مدت دو ماه اعتراض خود را به این اداره تسلیم و پس از اخذ رسید ظرف مدت یک ماه از تاریخ تسلیم اعتراض دادخواست خود را به مرجع قضایی تقدیم نمایند. بدیهی است در صورت انقضای مدت مذکور و عدم وصول اعتراض طبق مقررات سند مالکیت صادر خواهد شد. رای شماره ۱۴۰۴۶۰۳۱۹۰۶۳۰۰۰۲۸۴ مورخ ۱۴۰۴/۰۷/۱۷ ششدانگ یکباب خانه به مساحت ۲۱۱ متر مربع پلاک ۳۳ فرعی از ۷۶ اصلی بخش ۳.
برابر آراء صادره هیات اول/دوم موضوع قانون تعیین تکلیف وضعیت ثبتی اراضی و ساختمانهای فاقد سند رسمی مستقر در واحد ثبتی حوزه ثبت ملک تصرفات مالکانه بلامعارض متقاضیان محرز گردیده است. لذا مشخصات متقاضیان و املاک مورد تقاضا به شرح ذیل به منظور اطلاع عموم در دو نوبت به فاصله ۱۵ روز آگهی می شود در صورتی که اشخاص نسبت به صدور سند مالکیت متقاضیان اعتراضی داشته باشند می توانند از تاریخ انتشار اولین آگهی به مدت دو ماه اعتراض خود را به این اداره تسلیم و پس از اخذ رسید ظرف مدت یک ماه از تاریخ تسلیم اعتراض دادخواست خود را به مرجع قضایی تقدیم نمایند. بدیهی است در صورت انقضای مدت مذکور و عدم وصول اعتراض طبق مقررات سند مالکیت صادر خواهد شد. رای شماره ۱۴۰۴۶۰۳۱۹۰۶۳۰۰۰۲۸۴ مورخ ۱۴۰۴/۰۷/۱۷ ششدانگ یکباب خانه به مساحت ۲۱۱ متر مربع پلاک ۳۳ فرعی از ۷۶ اصلی بخش ۳.
تاریخ انتشار نوبت اول: ۱۴۰۴/۱۱/۱۲ تاریخ انتشار نوبت دوم: ۱۴۰۴/۱۱/۲۶
جواد شفیعی - رئیس اداره ثبت اسناد و املاک
آگهی موضوع ماده ۳ قانون و ماده ۱۳ آئین نامه قانون تعیین تکلیف وضعیت ثبتی اراضی و ساختمانهای فاقد سند رسمی
برابر آراء صادره هیات اول/دوم موضوع قانون تعیین تکلیف وضعیت ثبتی اراضی و ساختمانهای فاقد سند رسمی مستقر در واحد ثبتی حوزه ثبت ملک تصرفات مالکانه بلامعارض متقاضیان محرز گردیده است. لذا مشخصات متقاضیان و املاک مورد تقاضا به شرح ذیل به منظور اطلاع عموم در دو نوبت به فاصله ۱۵ روز آگهی می شود در صورتی که اشخاص نسبت به صدور سند مالکیت متقاضیان اعتراضی داشته باشند می توانند از تاریخ انتشار اولین آگهی به مدت دو ماه اعتراض خود را به این اداره تسلیم و پس از اخذ رسید ظرف مدت یک ماه از تاریخ تسلیم اعتراض دادخواست خود را به مرجع قضایی تقدیم نمایند. بدیهی است در صورت انقضای مدت مذکور و عدم وصول اعتراض طبق مقررات سند مالکیت صادر خواهد شد. رای شماره ۱۴۰۴۶۰۳۱۹۰۶۳۰۰۰۲۸۴ مورخ ۱۴۰۴/۰۷/۱۷ ششدانگ یکباب خانه به مساحت ۲۱۱ متر مربع پلاک ۳۳ فرعی از ۷۶ اصلی بخش ۳.
برابر آراء صادره هیات اول/دوم موضوع قانون تعیین تکلیف وضعیت ثبتی اراضی و ساختمانهای فاقد سند رسمی مستقر در واحد ثبتی حوزه ثبت ملک تصرفات مالکانه بلامعارض متقاضیان محرز گردیده است. لذا مشخصات متقاضیان و املاک مورد تقاضا به شرح ذیل به منظور اطلاع عموم در دو نوبت به فاصله ۱۵ روز آگهی می شود در صورتی که اشخاص نسبت به صدور سند مالکیت متقاضیان اعتراضی داشته باشند می توانند از تاریخ انتشار اولین آگهی به مدت دو ماه اعتراض خود را به این اداره تسلیم و پس از اخذ رسید ظرف مدت یک ماه از تاریخ تسلیم اعتراض دادخواست خود را به مرجع قضایی تقدیم نمایند. بدیهی است در صورت انقضای مدت مذکور و عدم وصول اعتراض طبق مقررات سند مالکیت صادر خواهد شد. رای شماره ۱۴۰۴۶۰۳۱۹۰۶۳۰۰۰۲۸۴ مورخ ۱۴۰۴/۰۷/۱۷ ششدانگ یکباب خانه به مساحت ۲۱۱ متر مربع پلاک ۳۳ فرعی از ۷۶ اصلی بخش ۳.
تاریخ انتشار نوبت اول: ۱۴۰۴/۱۱/۱۲ تاریخ انتشار نوبت دوم: ۱۴۰۴/۱۱/۲۶
مهدی خان‌آبادی - رئیس اداره ثبت اسناد و املاک
آگهی موضوع ماده ۳ قانون و ماده ۱۳ آئین نامه قانون تعیین تکلیف وضعیت ثبتی اراضی و ساختمانهای فاقد سند رسمی
برابر آراء صادره هیات اول/دوم موضوع قانون تعیین تکلیف وضعیت ثبتی اراضی و ساختمانهای فاقد سند رسمی مستقر در واحد ثبتی حوزه ثبت ملک تصرفات مالکانه بلامعارض متقاضیان محرز گردیده است. لذا مشخصات متقاضیان و املاک مورد تقاضا به شرح ذیل به منظور اطلاع عموم در دو نوبت به فاصله ۱۵ روز آگهی می شود در صورتی که اشخاص نسبت به صدور سند مالکیت متقاضیان اعتراضی داشته باشند می توانند از تاریخ انتشار اولین آگهی به مدت دو ماه اعتراض خود را به این اداره تسلیم و پس از اخذ رسید ظرف مدت یک ماه از تاریخ تسلیم اعتراض دادخواست خود را به مرجع قضایی تقدیم نمایند. بدیهی است در صورت انقضای مدت مذکور و عدم وصول اعتراض طبق مقررات سند مالکیت صادر خواهد شد. رای شماره ۱۴۰۴۶۰۳۱۹۰۶۳۰۰۰۲۸۴ مورخ ۱۴۰۴/۰۷/۱۷ ششدانگ یکباب خانه به مساحت ۲۱۱ متر مربع پلاک ۳۳ فرعی از ۷۶ اصلی بخش ۳.
برابر آراء صادره هیات اول/دوم موضوع قانون تعیین تکلیف وضعیت ثبتی اراضی و ساختمانهای فاقد سند رسمی مستقر در واحد ثبتی حوزه ثبت ملک تصرفات مالکانه بلامعارض متقاضیان محرز گردیده است. لذا مشخصات متقاضیان و املاک مورد تقاضا به شرح ذیل به منظور اطلاع عموم در دو نوبت به فاصله ۱۵ روز آگهی می شود در صورتی که اشخاص نسبت به صدور سند مالکیت متقاضیان اعتراضی داشته باشند می توانند از تاریخ انتشار اولین آگهی به مدت دو ماه اعتراض خود را به این اداره تسلیم و پس از اخذ رسید ظرف مدت یک ماه از تاریخ تسلیم اعتراض دادخواست خود را به مرجع قضایی تقدیم نمایند. بدیهی است در صورت انقضای مدت مذکور و عدم وصول اعتراض طبق مقررات سند مالکیت صادر خواهد شد. رای شماره ۱۴۰۴۶۰۳۱۹۰۶۳۰۰۰۲۸۴ مورخ ۱۴۰۴/۰۷/۱۷ ششدانگ یکباب خانه به مساحت ۲۱۱ متر مربع پلاک ۳۳ فرعی از ۷۶ اصلی بخش ۳.
برابر آراء صادره هیات اول/دوم موضوع قانون تعیین تکلیف وضعیت ثبتی اراضی و ساختمانهای فاقد سند رسمی مستقر در واحد ثبتی حوزه ثبت ملک تصرفات مالکانه بلامعارض متقاضیان محرز گردیده است. لذا مشخصات متقاضیان و املاک مورد تقاضا به شرح ذیل به منظور اطلاع عموم در دو نوبت به فاصله ۱۵ روز آگهی می شود در صورتی که اشخاص نسبت به صدور سند مالکیت متقاضیان اعتراضی داشته باشند می توانند از تاریخ انتشار اولین آگهی به مدت دو ماه اعتراض خود را به این اداره تسلیم و پس از اخذ رسید ظرف مدت یک ماه از تاریخ تسلیم اعتراض دادخواست خود را به مرجع قضایی تقدیم نمایند. بدیهی است در صورت انقضای مدت مذکور و عدم وصول اعتراض طبق مقررات سند مالکیت صادر خواهد شد. رای شماره ۱۴۰۴۶۰۳۱۹۰۶۳۰۰۰۲۸۴ مورخ ۱۴۰۴/۰۷/۱۷ ششدانگ یکباب خانه به مساحت ۲۱۱ متر مربع پلاک ۳۳ فرعی از ۷۶ اصلی بخش ۳.
تاریخ انتشار نوبت اول: ۱۴۰۴/۱۱/۱۲ تاریخ انتشار نوبت دوم: ۱۴۰۴/۱۱/۲۶
مهدی خان‌آبادی - رئیس اداره ثبت اسناد و املاک
آگهی موضوع ماده ۳ قانون و ماده ۱۳ آئین نامه قانون تعیین تکلیف وضعیت ثبتی اراضی و ساختمانهای فاقد سند رسمی
برابر آراء صادره هیات اول/دوم موضوع قانون تعیین تکلیف وضعیت ثبتی اراضی و ساختمانهای فاقد سند رسمی مستقر در واحد ثبتی حوزه ثبت ملک تصرفات مالکانه بلامعارض متقاضیان محرز گردیده است. لذا مشخصات متقاضیان و املاک مورد تقاضا به شرح ذیل به منظور اطلاع عموم در دو نوبت به فاصله ۱۵ روز آگهی می شود در صورتی که اشخاص نسبت به صدور سند مالکیت متقاضیان اعتراضی داشته باشند می توانند از تاریخ انتشار اولین آگهی به مدت دو ماه اعتراض خود را به این اداره تسلیم و پس از اخذ رسید ظرف مدت یک ماه از تاریخ تسلیم اعتراض دادخواست خود را به مرجع قضایی تقدیم نمایند. بدیهی است در صورت انقضای مدت مذکور و عدم وصول اعتراض طبق مقررات سند مالکیت صادر خواهد شد. رای شماره ۱۴۰۴۶۰۳۱۹۰۶۳۰۰۰۲۸۴ مورخ ۱۴۰۴/۰۷/۱۷ ششدانگ یکباب خانه به مساحت ۲۱۱ متر مربع پلاک ۳۳ فرعی از ۷۶ اصلی بخش ۳.
برابر آراء صادره هیات اول/دوم موضوع قانون تعیین تکلیف وضعیت ثبتی اراضی و ساختمانهای فاقد سند رسمی مستقر در واحد ثبتی حوزه ثبت ملک تصرفات مالکانه بلامعارض متقاضیان محرز گردیده است. لذا مشخصات متقاضیان و املاک مورد تقاضا به شرح ذیل به منظور اطلاع عموم در دو نوبت به فاصله ۱۵ روز آگهی می شود در صورتی که اشخاص نسبت به صدور سند مالکیت متقاضیان اعتراضی داشته باشند می توانند از تاریخ انتشار اولین آگهی به مدت دو ماه اعتراض خود را به این اداره تسلیم و پس از اخذ رسید ظرف مدت یک ماه از تاریخ تسلیم اعتراض دادخواست خود را به مرجع قضایی تقدیم نمایند. بدیهی است در صورت انقضای مدت مذکور و عدم وصول اعتراض طبق مقررات سند مالکیت صادر خواهد شد. رای شماره ۱۴۰۴۶۰۳۱۹۰۶۳۰۰۰۲۸۴ مورخ ۱۴۰۴/۰۷/۱۷ ششدانگ یکباب خانه به مساحت ۲۱۱ متر مربع پلاک ۳۳ فرعی از ۷۶ اصلی بخش ۳.
تاریخ انتشار نوبت اول: ۱۴۰۴/۱۱/۱۲ تاریخ انتشار نوبت دوم: ۱۴۰۴/۱۱/۲۶
مهدی خان‌آبادی - رئیس اداره ثبت اسناد و املاک
آگهی موضوع ماده ۳ قانون و ماده ۱۳ آئین نامه قانون تعیین تکلیف وضعیت ثبتی اراضی و ساختمانهای فاقد سند رسمی
برابر آراء صادره هیات اول/دوم موضوع قانون تعیین تکلیف وضعیت ثبتی اراضی و ساختمانهای فاقد سند رسمی مستقر در واحد ثبتی حوزه ثبت ملک تصرفات مالکانه بلامعارض متقاضیان محرز گردیده است. لذا مشخصات متقاضیان و املاک مورد تقاضا به شرح ذیل به منظور اطلاع عموم در دو نوبت به فاصله ۱۵ روز آگهی می شود در صورتی که اشخاص نسبت به صدور سند مالکیت متقاضیان اعتراضی داشته باشند می توانند از تاریخ انتشار اولین آگهی به مدت دو ماه اعتراض خود را به این اداره تسلیم و پس از اخذ رسید ظرف مدت یک ماه از تاریخ تسلیم اعتراض دادخواست خود را به مرجع قضایی تقدیم نمایند. بدیهی است در صورت انقضای مدت مذکور و عدم وصول اعتراض طبق مقررات سند مالکیت صادر خواهد شد. رای شماره ۱۴۰۴۶۰۳۱۹۰۶۳۰۰۰۲۸۴ مورخ ۱۴۰۴/۰۷/۱۷ ششدانگ یکباب خانه به مساحت ۲۱۱ متر مربع پلاک ۳۳ فرعی از ۷۶ اصلی بخش ۳.
برابر آراء صادره هیات اول/دوم موضوع قانون تعیین تکلیف وضعیت ثبتی اراضی و ساختمانهای فاقد سند رسمی مستقر در واحد ثبتی حوزه ثبت ملک تصرفات مالکانه بلامعارض متقاضیان محرز گردیده است. لذا مشخصات متقاضیان و املاک مورد تقاضا به شرح ذیل به منظور اطلاع عموم در دو نوبت به فاصله ۱۵ روز آگهی می شود در صورتی که اشخاص نسبت به صدور سند مالکیت متقاضیان اعتراضی داشته باشند می توانند از تاریخ انتشار اولین آگهی به مدت دو ماه اعتراض خود را به این اداره تسلیم و پس از اخذ رسید ظرف مدت یک ماه از تاریخ تسلیم اعتراض دادخواست خود را به مرجع قضایی تقدیم نمایند. بدیهی است در صورت انقضای مدت مذکور و عدم وصول اعتراض طبق مقررات سند مالکیت صادر خواهد شد. رای شماره ۱۴۰۴۶۰۳۱۹۰۶۳۰۰۰۲۸۴ مورخ ۱۴۰۴/۰۷/۱۷ ششدانگ یکباب خانه به مساحت ۲۱۱ متر مربع پلاک ۳۳ فرعی از ۷۶ اصلی بخش ۳.
تاریخ انتشار نوبت اول: ۱۴۰۴/۱۱/۱۲ تاریخ انتشار نوبت دوم: ۱۴۰۴/۱۱/۲۶
عبدالحمید سالمی - رئیس ثبت اسناد و املاک
آگهی موضوع ماده ۳ قانون و ماده ۱۳ آئین نامه قانون تعیین تکلیف وضعیت ثبتی اراضی و ساختمانهای فاقد سند رسمی
برابر آراء صادره هیات اول/دوم موضوع قانون تعیین تکلیف وضعیت ثبتی اراضی و ساختمانهای فاقد سند رسمی مستقر در واحد ثبتی حوزه ثبت ملک تصرفات مالکانه بلامعارض متقاضیان محرز گردیده است. لذا مشخصات متقاضیان و املاک مورد تقاضا به شرح ذیل به منظور اطلاع عموم در دو نوبت به فاصله ۱۵ روز آگهی می شود در صورتی که اشخاص نسبت به صدور سند مالکیت متقاضیان اعتراضی داشته باشند می توانند از تاریخ انتشار اولین آگهی به مدت دو ماه اعتراض خود را به این اداره تسلیم و پس از اخذ رسید ظرف مدت یک ماه از تاریخ تسلیم اعتراض دادخواست خود را به مرجع قضایی تقدیم نمایند. بدیهی است در صورت انقضای مدت مذکور و عدم وصول اعتراض طبق مقررات سند مالکیت صادر خواهد شد. رای شماره ۱۴۰۴۶۰۳۱۹۰۶۳۰۰۰۲۸۴ مورخ ۱۴۰۴/۰۷/۱۷ ششدانگ یکباب خانه به مساحت ۲۱۱ متر مربع پلاک ۳۳ فرعی از ۷۶ اصلی بخش ۳.
برابر آراء صادره هیات اول/دوم موضوع قانون تعیین تکلیف وضعیت ثبتی اراضی و ساختمانهای فاقد سند رسمی مستقر در واحد ثبتی حوزه ثبت ملک تصرفات مالکانه بلامعارض متقاضیان محرز گردیده است. لذا مشخصات متقاضیان و املاک مورد تقاضا به شرح ذیل به منظور اطلاع عموم در دو نوبت به فاصله ۱۵ روز آگهی می شود در صورتی که اشخاص نسبت به صدور سند مالکیت متقاضیان اعتراضی داشته باشند می توانند از تاریخ انتشار اولین آگهی به مدت دو ماه اعتراض خود را به این اداره تسلیم و پس از اخذ رسید ظرف مدت یک ماه از تاریخ تسلیم اعتراض دادخواست خود را به مرجع قضایی تقدیم نمایند. بدیهی است در صورت انقضای مدت مذکور و عدم وصول اعتراض طبق مقررات سند مالکیت صادر خواهد شد. رای شماره ۱۴۰۴۶۰۳۱۹۰۶۳۰۰۰۲۸۴ مورخ ۱۴۰۴/۰۷/۱۷ ششدانگ یکباب خانه به مساحت ۲۱۱ متر مربع پلاک ۳۳ فرعی از ۷۶ اصلی بخش ۳.
تاریخ انتشار نوبت اول: ۱۴۰۴/۱۱/۱۲ تاریخ انتشار نوبت دوم: ۱۴۰۴/۱۱/۲۶
عبدالحمید سالمی - رئیس ثبت اسناد و املاک
آگهی موضوع ماده ۳ قانون و ماده ۱۳ آئین نامه قانون تعیین تکلیف وضعیت ثبتی اراضی و ساختمانهای فاقد سند رسمی
برابر آراء صادره هیات اول/دوم موضوع قانون تعیین تکلیف وضعیت ثبتی اراضی و ساختمانهای فاقد سند رسمی مستقر در واحد ثبتی حوزه ثبت ملک تصرفات مالکانه بلامعارض متقاضیان محرز گردیده است. لذا مشخصات متقاضیان و املاک مورد تقاضا به شرح ذیل به منظور اطلاع عموم در دو نوبت به فاصله ۱۵ روز آگهی می شود در صورتی که اشخاص نسبت به صدور سند مالکیت متقاضیان اعتراضی داشته باشند می توانند از تاریخ انتشار اولین آگهی به مدت دو ماه اعتراض خود را به این اداره تسلیم و پس از اخذ رسید ظرف مدت یک ماه از تاریخ تسلیم اعتراض دادخواست خود را به مرجع قضایی تقدیم نمایند. بدیهی است در صورت انقضای مدت مذکور و عدم وصول اعتراض طبق مقررات سند مالکیت صادر خواهد شد. رای شماره ۱۴۰۴۶۰۳۱۹۰۶۳۰۰۰۲۸۴ مورخ ۱۴۰۴/۰۷/۱۷ ششدانگ یکباب خانه به مساحت ۲۱۱ متر مربع پلاک ۳۳ فرعی از ۷۶ اصلی بخش ۳.
برابر آراء صادره هیات اول/دوم موضوع قانون تعیین تکلیف وضعیت ثبتی اراضی و ساختمانهای فاقد سند رسمی مستقر در واحد ثبتی حوزه ثبت ملک تصرفات مالکانه بلامعارض متقاضیان محرز گردیده است. لذا مشخصات متقاضیان و املاک مورد تقاضا به شرح ذیل به منظور اطلاع عموم در دو نوبت به فاصله ۱۵ روز آگهی می شود در صورتی که اشخاص نسبت به صدور سند مالکیت متقاضیان اعتراضی داشته باشند می توانند از تاریخ انتشار اولین آگهی به مدت دو ماه اعتراض خود را به این اداره تسلیم و پس از اخذ رسید ظرف مدت یک ماه از تاریخ تسلیم اعتراض دادخواست خود را به مرجع قضایی تقدیم نمایند. بدیهی است در صورت انقضای مدت مذکور و عدم وصول اعتراض طبق مقررات سند مالکیت صادر خواهد شد. رای شماره ۱۴۰۴۶۰۳۱۹۰۶۳۰۰۰۲۸۴ مورخ ۱۴۰۴/۰۷/۱۷ ششدانگ یکباب خانه به مساحت ۲۱۱ متر مربع پلاک ۳۳ فرعی از ۷۶ اصلی بخش ۳.
تاریخ انتشار نوبت اول: ۱۴۰۴/۱۱/۱۲ تاریخ انتشار نوبت دوم: ۱۴۰۴/۱۱/۲۶
عبدالحمید سالمی - رئیس ثبت اسناد و املاک
آگهی موضوع ماده ۳ قانون و ماده ۱۳ آئین نامه قانون تعیین تکلیف وضعیت ثبتی اراضی و ساختمانهای فاقد سند رسمی
برابر آراء صادره هیات اول/دوم موضوع قانون تعیین تکلیف وضعیت ثبتی اراضی و ساختمانهای فاقد سند رسمی مستقر در واحد ثبتی حوزه ثبت ملک تصرفات مالکانه بلامعارض متقاضیان محرز گردیده است. لذا مشخصات متقاضیان و املاک مورد تقاضا به شرح ذیل به منظور اطلاع عموم در دو نوبت به فاصله ۱۵ روز آگهی می شود در صورتی که اشخاص نسبت به صدور سند مالکیت متقاضیان اعتراضی داشته باشند می توانند از تاریخ انتشار اولین آگهی به مدت دو ماه اعتراض خود را به این اداره تسلیم و پس از اخذ رسید ظرف مدت یک ماه از تاریخ تسلیم اعتراض دادخواست خود را به مرجع قضایی تقدیم نمایند. بدیهی است در صورت انقضای مدت مذکور و عدم وصول اعتراض طبق مقررات سند مالکیت صادر خواهد شد. رای شماره ۱۴۰۴۶۰۳۱۹۰۶۳۰۰۰۲۸۴ مورخ ۱۴۰۴/۰۷/۱۷ ششدانگ یکباب خانه به مساحت ۲۱۱ متر مربع پلاک ۳۳ فرعی از ۷۶ اصلی بخش ۳.
برابر آراء صادره هیات اول/دوم موضوع قانون تعیین تکلیف وضعیت ثبتی اراضی و ساختمانهای فاقد سند رسمی مستقر در واحد ثبتی حوزه ثبت ملک تصرفات مالکانه بلامعارض متقاضیان محرز گردیده است. لذا مشخصات متقاضیان و املاک مورد تقاضا به شرح ذیل به منظور اطلاع عموم در دو نوبت به فاصله ۱۵ روز آگهی می شود در صورتی که اشخاص نسبت به صدور سند مالکیت متقاضیان اعتراضی داشته باشند می توانند از تاریخ انتشار اولین آگهی به مدت دو ماه اعتراض خود را به این اداره تسلیم و پس از اخذ رسید ظرف مدت یک ماه از تاریخ تسلیم اعتراض دادخواست خود را به مرجع قضایی تقدیم نمایند. بدیهی است در صورت انقضای مدت مذکور و عدم وصول اعتراض طبق مقررات سند مالکیت صادر خواهد شد. رای شماره ۱۴۰۴۶۰۳۱۹۰۶۳۰۰۰۲۸۴ مورخ ۱۴۰۴/۰۷/۱۷ ششدانگ یکباب خانه به مساحت ۲۱۱ متر مربع پلاک ۳۳ فرعی از ۷۶ اصلی بخش ۳.
تاریخ انتشار نوبت اول: ۱۴۰۴/۱۱/۱۲ تاریخ انتشار نوبت دوم: ۱۴۰۴/۱۱/۲۶
عبدالحمید سالمی - رئیس ثبت اسناد و املاک
آگهی موضوع ماده ۳ قانون و ماده ۱۳ آئین نامه قانون تعیین تکلیف وضعیت ثبتی اراضی و ساختمانهای فاقد سند رسمی
برابر آراء صادره برابر صورتمجلس شماره ۱۴۰۴/۰۲/۲۷۵ مورخه ۱۴۰۴/۰۲/۰۲ هیات اول / دوم موضوع قانون تعیین تکلیف وضعیت ثبتی اراضی و ساختمانهای فاقد سند رسمی مستقر در واحد ثبتی حوزه ثبت ملک شهرستان خدابنده تصرفات مالکانه بلامعارض متقاضیان محرز گردیده است. لذا مشخصات متقاضیان و املاک مورد تقاضا به شرح ذیل به منظور اطلاع عموم در دو نوبت به فاصله ۱۵ روز آگهی می شود، در صورتی که اشخاص نسبت به صدور سند مالکیت متقاضیان اعتراضی داشته باشند می توانند از تاریخ انتشار اولین آگهی به مدت دو ماه اعتراض خود را به این اداره تسلیم نمایند. بدیهی است در صورت انقضای مدت مذکور و عدم وصول اعتراض طبق مقررات سند مالکیت صادر خواهد شد.
ردیف	نام و نام خانوادگی	نام پدر	بخش	پلاک
۱	حسن - حسین - مهدی نجفی	محمدعلی - حسن	۴	۱۹۷/۳۰۰
۲	حسن - حسین - مهدی نجفی	محمدعلی - حسن	۴	۱۹۷/۲۹۹
۳	حسن - حسین - مهدی نجفی	محمدعلی - حسن	۴	۱۹۷/۳۰۲
۴	حسن - حسین - مهدی نجفی	محمدعلی - حسن	۴	۱۹۷/۳۰۳
۵	حسن - حسین - مهدی نجفی	محمدعلی - حسن	۴	۱۹۷/۳۰۱
تاریخ انتشار نوبت اول: ۱۴۰۴/۱۱/۱۱ تاریخ انتشار نوبت دوم: ۱۴۰۴/۱۱/۲۶
جواد شفیعی - رئیس اداره ثبت اسناد و املاک شهرستان خدابنده
آگهی موضوع ماده ۳ قانون و ماده ۱۳ آئین نامه قانون تعیین تکلیف وضعیت ثبتی اراضی و ساختمانهای فاقد سند رسمی
برابر آراء صادره برابر صورتمجلس شماره ۱۴۰۴/۰۲/۲۷۵ مورخه ۱۴۰۴/۰۲/۰۲ هیات اول / دوم موضوع قانون تعیین تکلیف وضعیت ثبتی اراضی و ساختمانهای فاقد سند رسمی مستقر در واحد ثبتی حوزه ثبت ملک شهرستان خدابنده تصرفات مالکانه بلامعارض متقاضیان محرز گردیده است. لذا مشخصات متقاضیان و املاک مورد تقاضا به شرح ذیل به منظور اطلاع عموم در دو نوبت به فاصله ۱۵ روز آگهی می شود، در صورتی که اشخاص نسبت به صدور سند مالکیت متقاضیان اعتراضی داشته باشند می توانند از تاریخ انتشار اولین آگهی به مدت دو ماه اعتراض خود را به این اداره تسلیم و پس از اخذ رسید ظرف مدت یک ماه از تاریخ تسلیم اعتراض دادخواست خود را به مرجع قضایی تقدیم نمایند. بدیهی است در صورت انقضای مدت مذکور و عدم وصول اعتراض طبق مقررات سند مالکیت صادر خواهد شد.
ردیف	نام و نام خانوادگی	نام پدر	بخش	پلاک
۱	غلامرضا - محمد - اکرم - اعظم مرادی	رضا	۵	۹۷/۶۴۱
۲	غلامرضا - محمد - اکرم - اعظم مرادی	رضا	۵	۹۷/۶۴۲
۳	غلامرضا - محمد - اکرم - اعظم مرادی	رضا	۵	۹۷/۶۴۳
۴	غلامرضا - محمد - اکرم - اعظم مرادی	رضا	۵	۹۷/۶۴۴
۵	غلامرضا - محمد - اکرم - اعظم مرادی	رضا	۵	۹۷/۶۴۵
تاریخ انتشار نوبت اول: ۱۴۰۴/۱۱/۱۱ تاریخ انتشار نوبت دوم: ۱۴۰۴/۱۱/۲۶
جواد شفیعی - رئیس اداره ثبت اسناد و املاک شهرستان خدابنده
